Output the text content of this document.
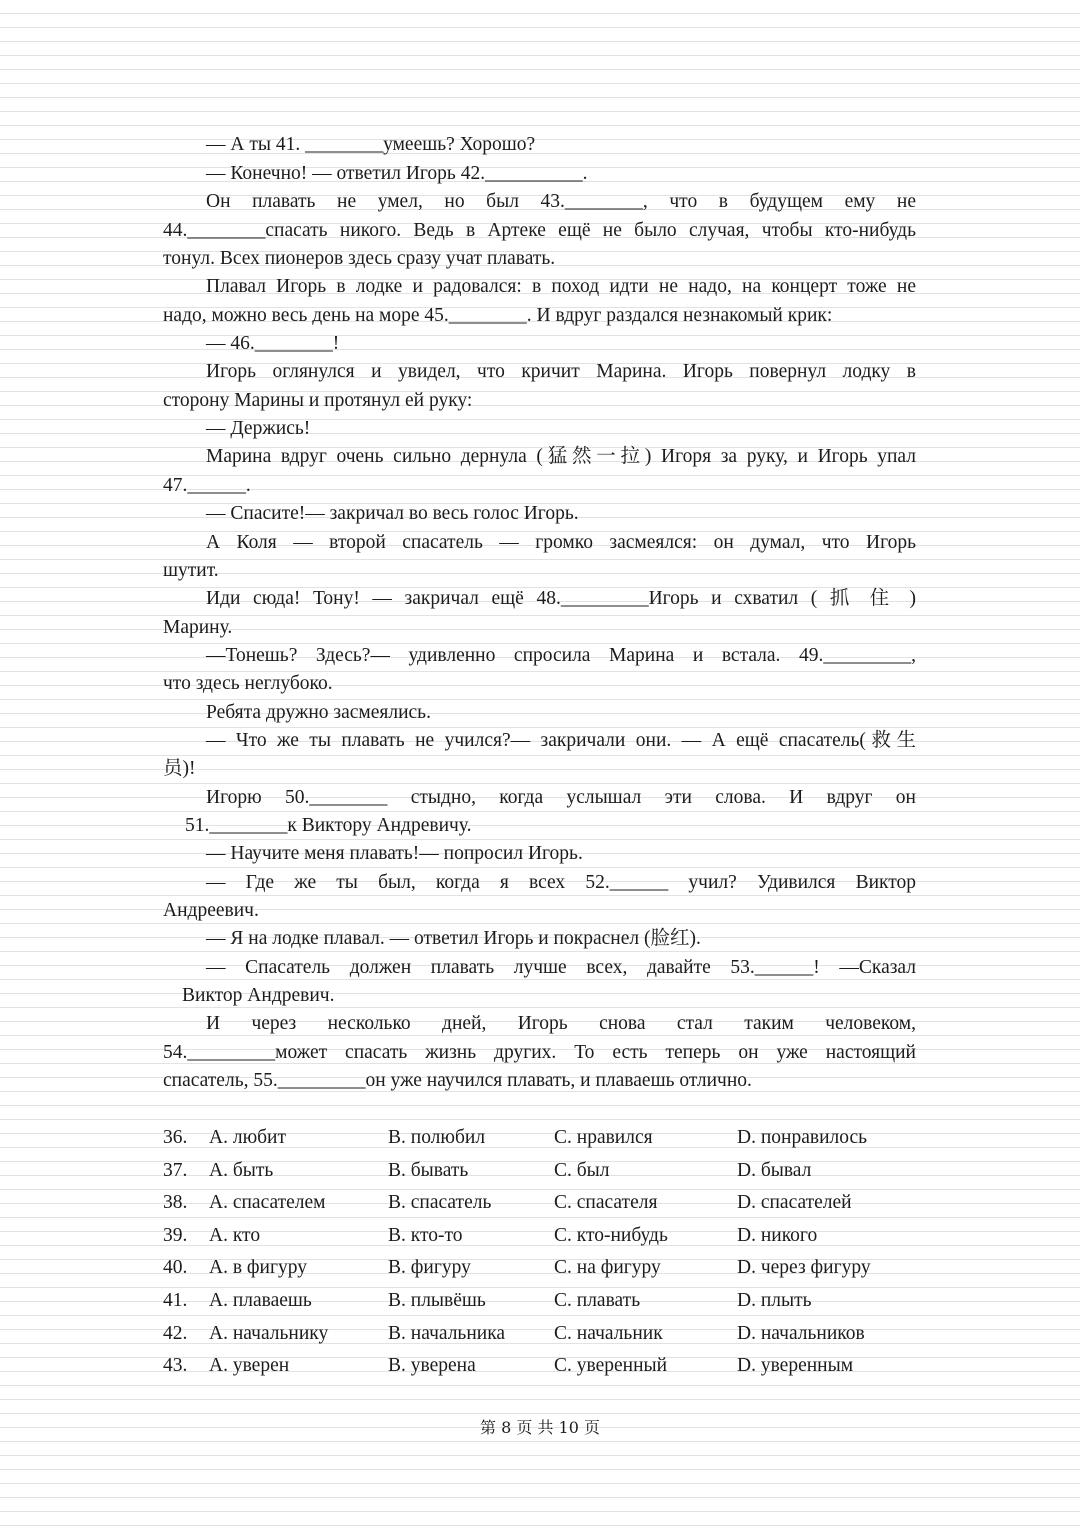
— А ты 41. ________умеешь? Хорошо?
— Конечно! — ответил Игорь 42.__________.
Он плавать не умел, но был 43.________, что в будущем ему не
44.________спасать никого. Ведь в Артеке ещё не было случая, чтобы кто-нибудь
тонул. Всех пионеров здесь сразу учат плавать.
Плавал Игорь в лодке и радовался: в поход идти не надо, на концерт тоже не
надо, можно весь день на море 45.________. И вдруг раздался незнакомый крик:
— 46.________!
Игорь оглянулся и увидел, что кричит Марина. Игорь повернул лодку в
сторону Марины и протянул ей руку:
— Держись!
Марина вдруг очень сильно дернула (猛然一拉) Игоря за руку, и Игорь упал
47.______.
— Спасите!— закричал во весь голос Игорь.
А Коля — второй спасатель — громко засмеялся: он думал, что Игорь
шутит.
Иди сюда! Тону! — закричал ещё 48._________Игорь и схватил ( 抓 住 )
Марину.
—Тонешь? Здесь?— удивленно спросила Марина и встала. 49._________,
что здесь неглубоко.
Ребята дружно засмеялись.
— Что же ты плавать не учился?— закричали они. — А ещё спасатель(救生
员)!
Игорю 50.________ стыдно, когда услышал эти слова. И вдруг он
51.________к Виктору Андревичу.
— Научите меня плавать!— попросил Игорь.
— Где же ты был, когда я всех 52.______ учил? Удивился Виктор
Андреевич.
— Я на лодке плавал. — ответил Игорь и покраснел (脸红).
— Спасатель должен плавать лучше всех, давайте 53.______! —Сказал
Виктор Андревич.
И через несколько дней, Игорь снова стал таким человеком,
54._________может спасать жизнь других. То есть теперь он уже настоящий
спасатель, 55._________он уже научился плавать, и плаваешь отлично.
36. A. любит	B. полюбил	C. нравился	D. понравилось
37. A. быть	B. бывать	C. был	D. бывал
38. A. спасателем	B. спасатель	C. спасателя	D. спасателей
39. A. кто	B. кто-то	C. кто-нибудь	D. никого
40. A. в фигуру	B. фигуру	C. на фигуру	D. через фигуру
41. A. плаваешь	B. плывёшь	C. плавать	D. плыть
42. A. начальнику	B. начальника	C. начальник	D. начальников
43. A. уверен	B. уверена	C. уверенный	D. уверенным
第 8 页 共 10 页
